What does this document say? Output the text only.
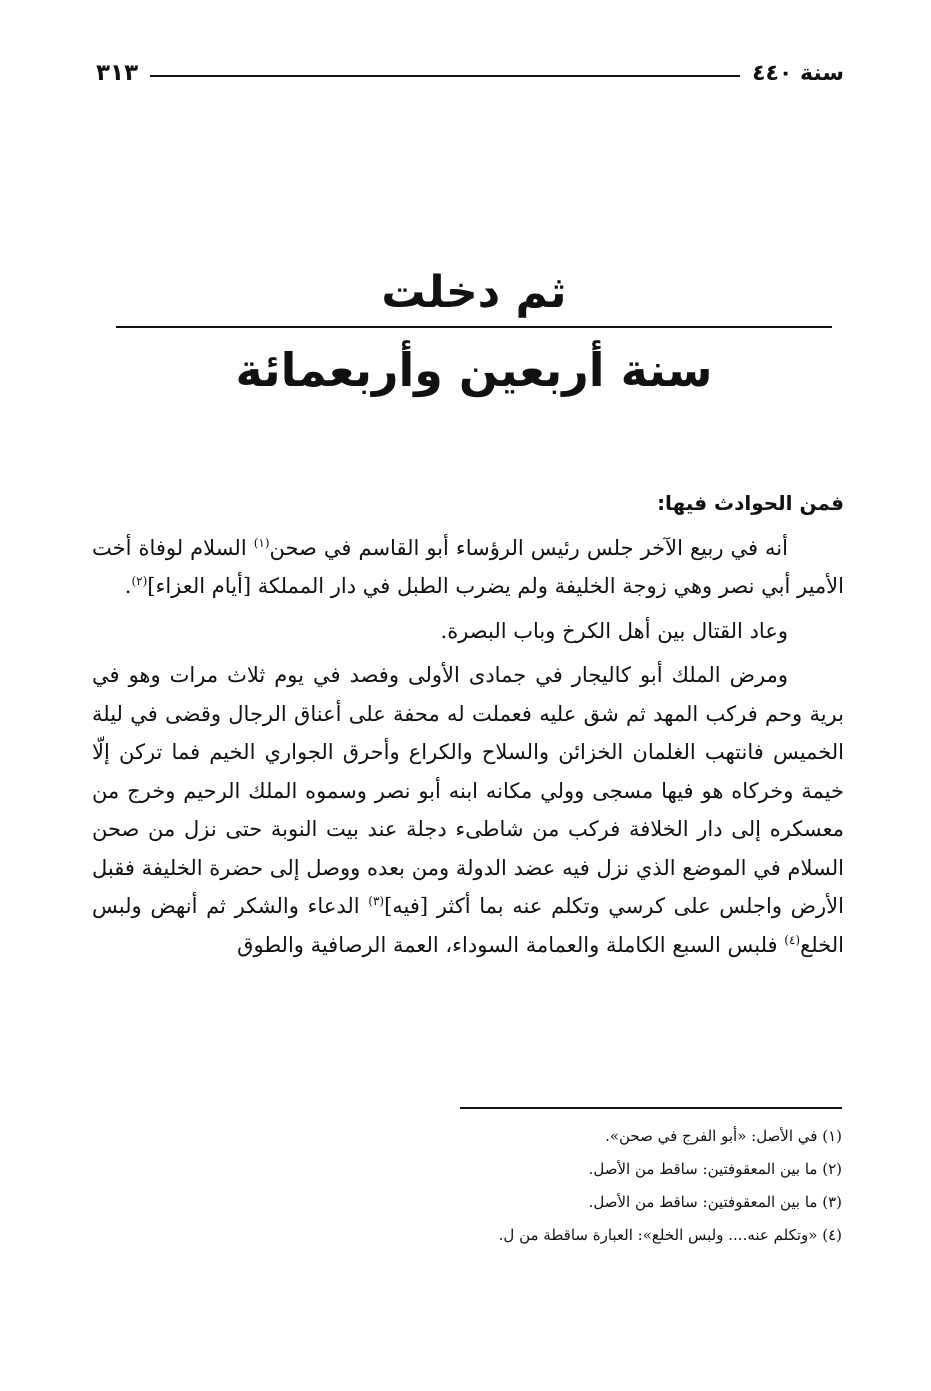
سنة ٤٤٠
٣١٣
ثم دخلت
سنة أربعين وأربعمائة

فمن الحوادث فيها:

أنه في ربيع الآخر جلس رئيس الرؤساء أبو القاسم في صحن$^{(١)}$ السلام لوفاة أخت الأمير أبي نصر وهي زوجة الخليفة ولم يضرب الطبل في دار المملكة [أيام العزاء]$^{(٢)}$.

وعاد القتال بين أهل الكرخ وباب البصرة.

ومرض الملك أبو كاليجار في جمادى الأولى وفصد في يوم ثلاث مرات وهو في برية وحم فركب المهد ثم شق عليه فعملت له محفة على أعناق الرجال وقضى في ليلة الخميس فانتهب الغلمان الخزائن والسلاح والكراع وأحرق الجواري الخيم فما تركن إلّا خيمة وخركاه هو فيها مسجى وولي مكانه ابنه أبو نصر وسموه الملك الرحيم وخرج من معسكره إلى دار الخلافة فركب من شاطىء دجلة عند بيت النوبة حتى نزل من صحن السلام في الموضع الذي نزل فيه عضد الدولة ومن بعده ووصل إلى حضرة الخليفة فقبل الأرض واجلس على كرسي وتكلم عنه بما أكثر [فيه]$^{(٣)}$ الدعاء والشكر ثم أنهض ولبس الخلع$^{(٤)}$ فلبس السبع الكاملة والعمامة السوداء، العمة الرصافية والطوق

(١) في الأصل: «أبو الفرج في صحن».
(٢) ما بين المعقوفتين: ساقط من الأصل.
(٣) ما بين المعقوفتين: ساقط من الأصل.
(٤) «وتكلم عنه.... ولبس الخلع»: العبارة ساقطة من ل.
